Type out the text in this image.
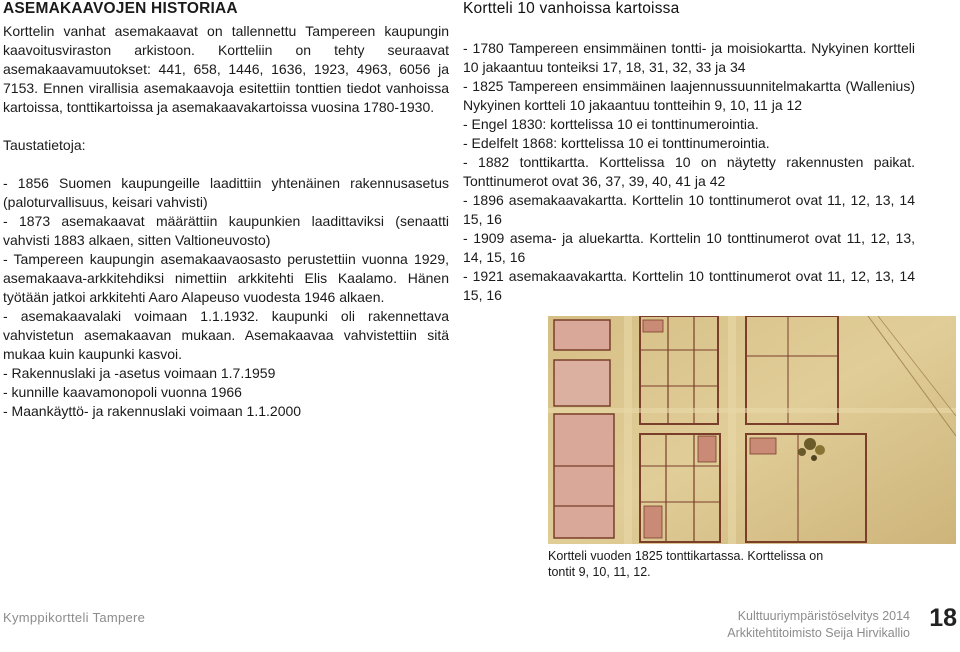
ASEMAKAAVOJEN HISTORIAA

Korttelin vanhat asemakaavat on tallennettu Tampereen kaupungin kaavoitusviraston arkistoon. Kortteliin on tehty seuraavat asemakaavamuutokset: 441, 658, 1446, 1636, 1923, 4963, 6056 ja 7153. Ennen virallisia asemakaavoja esitettiin tonttien tiedot vanhoissa kartoissa, tonttikartoissa ja asemakaavakartoissa vuosina 1780-1930.

Taustatietoja:

- 1856 Suomen kaupungeille laadittiin yhtenäinen rakennusasetus (paloturvallisuus, keisari vahvisti)

- 1873 asemakaavat määrättiin kaupunkien laadittaviksi (senaatti vahvisti 1883 alkaen, sitten Valtioneuvosto)

- Tampereen kaupungin asemakaavaosasto perustettiin vuonna 1929, asemakaava-arkkitehdiksi nimettiin arkkitehti Elis Kaalamo. Hänen työtään jatkoi arkkitehti Aaro Alapeuso vuodesta 1946 alkaen.

- asemakaavalaki voimaan 1.1.1932. kaupunki oli rakennettava vahvistetun asemakaavan mukaan. Asemakaavaa vahvistettiin sitä mukaa kuin kaupunki kasvoi.

- Rakennuslaki ja -asetus voimaan 1.7.1959

- kunnille kaavamonopoli vuonna 1966

- Maankäyttö- ja rakennuslaki voimaan 1.1.2000

Kortteli 10 vanhoissa kartoissa

- 1780 Tampereen ensimmäinen tontti- ja moisiokartta. Nykyinen kortteli 10 jakaantuu tonteiksi 17, 18, 31, 32, 33 ja 34

- 1825 Tampereen ensimmäinen laajennussuunnitelmakartta (Wallenius) Nykyinen kortteli 10 jakaantuu tontteihin 9, 10, 11 ja 12

- Engel 1830: korttelissa 10 ei tonttinumerointia.

- Edelfelt 1868: korttelissa 10 ei tonttinumerointia.

- 1882 tonttikartta. Korttelissa 10 on näytetty rakennusten paikat. Tonttinumerot ovat 36, 37, 39, 40, 41 ja 42

- 1896 asemakaavakartta. Korttelin 10 tonttinumerot ovat 11, 12, 13, 14 15, 16

- 1909 asema- ja aluekartta. Korttelin 10 tonttinumerot ovat 11, 12, 13, 14, 15, 16

- 1921 asemakaavakartta. Korttelin 10 tonttinumerot ovat 11, 12, 13, 14 15, 16

Kortteli vuoden 1825 tonttikartassa. Korttelissa on tontit 9, 10, 11, 12.
Kymppikortteli Tampere	Kulttuuriympäristöselvitys 2014
Arkkitehtitoimisto Seija Hirvikallio
18
